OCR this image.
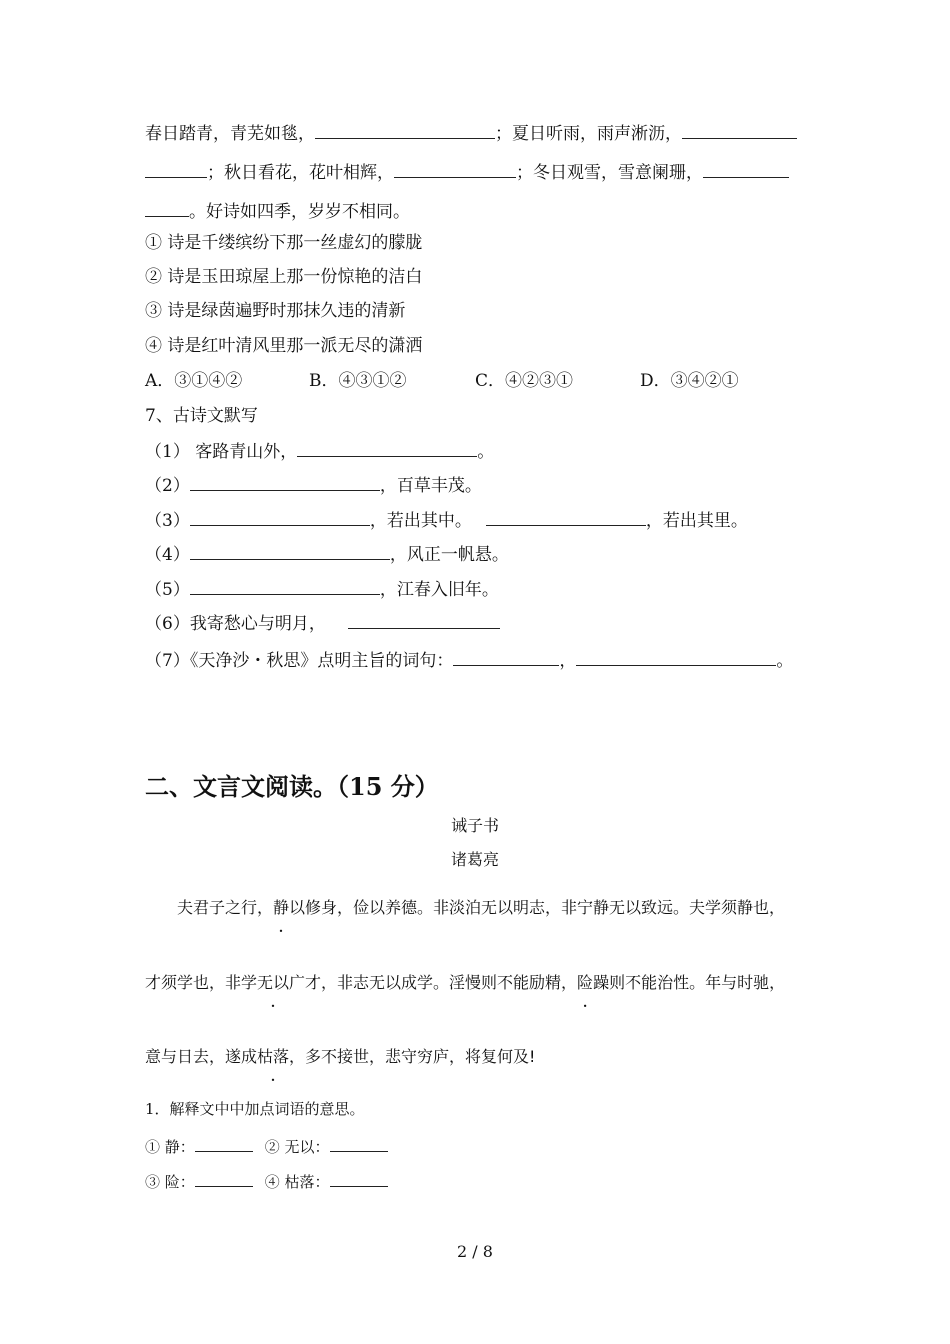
春日踏青，青芜如毯，	；夏日听雨，雨声淅沥，
；秋日看花，花叶相辉，	；冬日观雪，雪意阑珊，
。好诗如四季，岁岁不相同。
① 诗是千缕缤纷下那一丝虚幻的朦胧
② 诗是玉田琼屋上那一份惊艳的洁白
③ 诗是绿茵遍野时那抹久违的清新
④ 诗是红叶清风里那一派无尽的潇洒
A．③①④②	B．④③①②	C．④②③①	D．③④②①
7、古诗文默写
（1） 客路青山外，	。
（2）	，百草丰茂。
（3）	，若出其中。	，若出其里。
（4）	，风正一帆悬。
（5）	，江春入旧年。
（6）我寄愁心与明月，
（7）《天净沙・秋思》点明主旨的词句：	，	。
二、文言文阅读。（15 分）
诫子书
诸葛亮
夫君子之行，静以修身，俭以养德。非淡泊无以明志，非宁静无以致远。夫学须静也，
才须学也，非学无以广才，非志无以成学。淫慢则不能励精，险躁则不能治性。年与时驰，
意与日去，遂成枯落，多不接世，悲守穷庐，将复何及!
1．解释文中中加点词语的意思。
① 静：	② 无以：
③ 险：	④ 枯落：
2 / 8
